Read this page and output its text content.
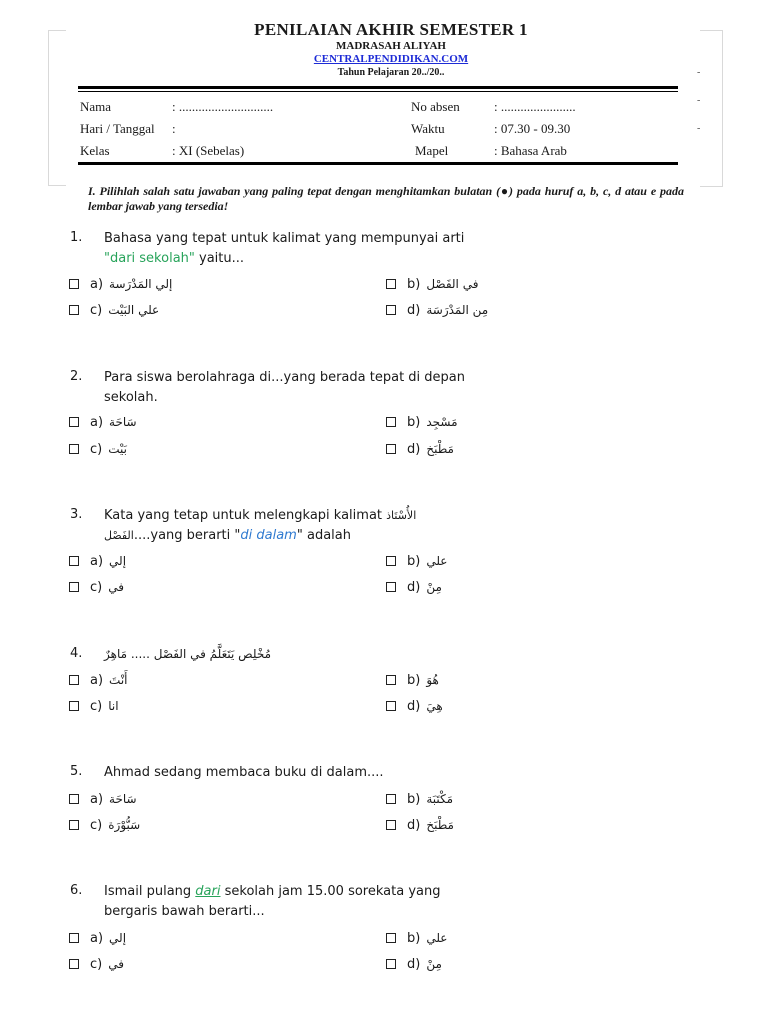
PENILAIAN AKHIR SEMESTER 1
MADRASAH ALIYAH
CENTRALPENDIDIKAN.COM
Tahun Pelajaran 20../20..	-
-
-
Nama	: .............................	No absen	: .......................
Hari / Tanggal :	Waktu	: 07.30 - 09.30
Kelas	: XI (Sebelas)	Mapel	: Bahasa Arab
I. Pilihlah salah satu jawaban yang paling tepat dengan menghitamkan bulatan (●) pada huruf a, b, c, d atau e pada lembar jawab yang tersedia!
1. Bahasa yang tepat untuk kalimat yang mempunyai arti
"dari sekolah" yaitu...
a) إلي المَدْرَسة	b) في الفَصْل
c) علي البَيْت	d) مِن المَدْرَسَة
2. Para siswa berolahraga di...yang berada tepat di depan sekolah.
a) سَاحَة	b) مَسْجِد
c) بَيْت	d) مَطْبَخ
3. Kata yang tetap untuk melengkapi kalimat الأُسْتَاذ
الفَصْل....yang berarti "di dalam" adalah
a) إلي	b) علي
c) في	d) مِنْ
4. مُخْلِص يَتَعَلَّمُ في الفَصْل ..... مَاهِرٌ
a) أَنْتَ	b) هُوَ
c) انا	d) هِيَ
5. Ahmad sedang membaca buku di dalam....
a) سَاحَة	b) مَكْتَبَة
c) سَبُّوْرَة	d) مَطْبَخ
6. Ismail pulang dari sekolah jam 15.00 sorekata yang bergaris bawah berarti...
a) إلي	b) علي
c) في	d) مِنْ
